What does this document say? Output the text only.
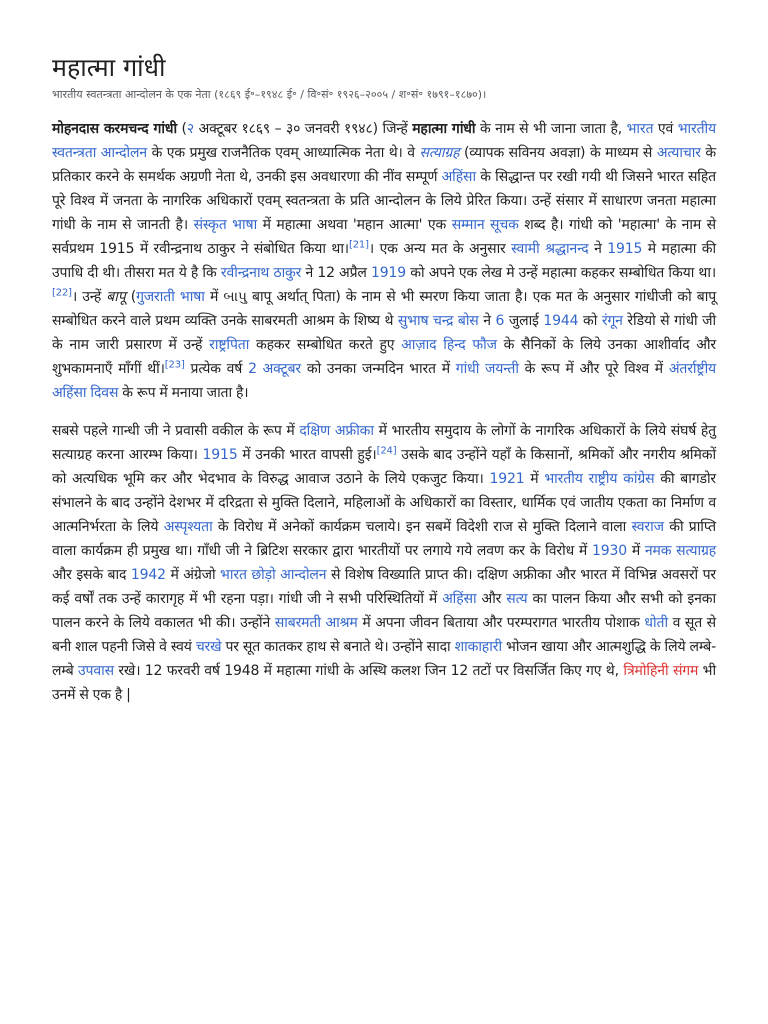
महात्मा गांधी
भारतीय स्वतन्त्रता आन्दोलन के एक नेता (१८६९ ई॰–१९४८ ई॰ / वि॰सं॰ १९२६–२००५ / श॰सं॰ १७९१–१८७०)।

मोहनदास करमचन्द गांधी (२ अक्टूबर १८६९ – ३० जनवरी १९४८) जिन्हें महात्मा गांधी के नाम से भी जाना जाता है, भारत एवं भारतीय स्वतन्त्रता आन्दोलन के एक प्रमुख राजनैतिक एवम् आध्यात्मिक नेता थे। वे सत्याग्रह (व्यापक सविनय अवज्ञा) के माध्यम से अत्याचार के प्रतिकार करने के समर्थक अग्रणी नेता थे, उनकी इस अवधारणा की नींव सम्पूर्ण अहिंसा के सिद्धान्त पर रखी गयी थी जिसने भारत सहित पूरे विश्व में जनता के नागरिक अधिकारों एवम् स्वतन्त्रता के प्रति आन्दोलन के लिये प्रेरित किया। उन्हें संसार में साधारण जनता महात्मा गांधी के नाम से जानती है। संस्कृत भाषा में महात्मा अथवा 'महान आत्मा' एक सम्मान सूचक शब्द है। गांधी को 'महात्मा' के नाम से सर्वप्रथम 1915 में रवीन्द्रनाथ ठाकुर ने संबोधित किया था।[21]। एक अन्य मत के अनुसार स्वामी श्रद्धानन्द ने 1915 मे महात्मा की उपाधि दी थी। तीसरा मत ये है कि रवीन्द्रनाथ ठाकुर ने 12 अप्रैल 1919 को अपने एक लेख मे उन्हें महात्मा कहकर सम्बोधित किया था। [22]। उन्हें बापू (गुजराती भाषा में બાપુ बापू अर्थात् पिता) के नाम से भी स्मरण किया जाता है। एक मत के अनुसार गांधीजी को बापू सम्बोधित करने वाले प्रथम व्यक्ति उनके साबरमती आश्रम के शिष्य थे सुभाष चन्द्र बोस ने 6 जुलाई 1944 को रंगून रेडियो से गांधी जी के नाम जारी प्रसारण में उन्हें राष्ट्रपिता कहकर सम्बोधित करते हुए आज़ाद हिन्द फौज के सैनिकों के लिये उनका आशीर्वाद और शुभकामनाएँ माँगीं थीं।[23] प्रत्येक वर्ष 2 अक्टूबर को उनका जन्मदिन भारत में गांधी जयन्ती के रूप में और पूरे विश्व में अंतर्राष्ट्रीय अहिंसा दिवस के रूप में मनाया जाता है।

सबसे पहले गान्धी जी ने प्रवासी वकील के रूप में दक्षिण अफ्रीका में भारतीय समुदाय के लोगों के नागरिक अधिकारों के लिये संघर्ष हेतु सत्याग्रह करना आरम्भ किया। 1915 में उनकी भारत वापसी हुई।[24] उसके बाद उन्होंने यहाँ के किसानों, श्रमिकों और नगरीय श्रमिकों को अत्यधिक भूमि कर और भेदभाव के विरुद्ध आवाज उठाने के लिये एकजुट किया। 1921 में भारतीय राष्ट्रीय कांग्रेस की बागडोर संभालने के बाद उन्होंने देशभर में दरिद्रता से मुक्ति दिलाने, महिलाओं के अधिकारों का विस्तार, धार्मिक एवं जातीय एकता का निर्माण व आत्मनिर्भरता के लिये अस्पृश्यता के विरोध में अनेकों कार्यक्रम चलाये। इन सबमें विदेशी राज से मुक्ति दिलाने वाला स्वराज की प्राप्ति वाला कार्यक्रम ही प्रमुख था। गाँधी जी ने ब्रिटिश सरकार द्वारा भारतीयों पर लगाये गये लवण कर के विरोध में 1930 में नमक सत्याग्रह और इसके बाद 1942 में अंग्रेजो भारत छोड़ो आन्दोलन से विशेष विख्याति प्राप्त की। दक्षिण अफ्रीका और भारत में विभिन्न अवसरों पर कई वर्षों तक उन्हें कारागृह में भी रहना पड़ा। गांधी जी ने सभी परिस्थितियों में अहिंसा और सत्य का पालन किया और सभी को इनका पालन करने के लिये वकालत भी की। उन्होंने साबरमती आश्रम में अपना जीवन बिताया और परम्परागत भारतीय पोशाक धोती व सूत से बनी शाल पहनी जिसे वे स्वयं चरखे पर सूत कातकर हाथ से बनाते थे। उन्होंने सादा शाकाहारी भोजन खाया और आत्मशुद्धि के लिये लम्बे-लम्बे उपवास रखे। 12 फरवरी वर्ष 1948 में महात्मा गांधी के अस्थि कलश जिन 12 तटों पर विसर्जित किए गए थे, त्रिमोहिनी संगम भी उनमें से एक है |
